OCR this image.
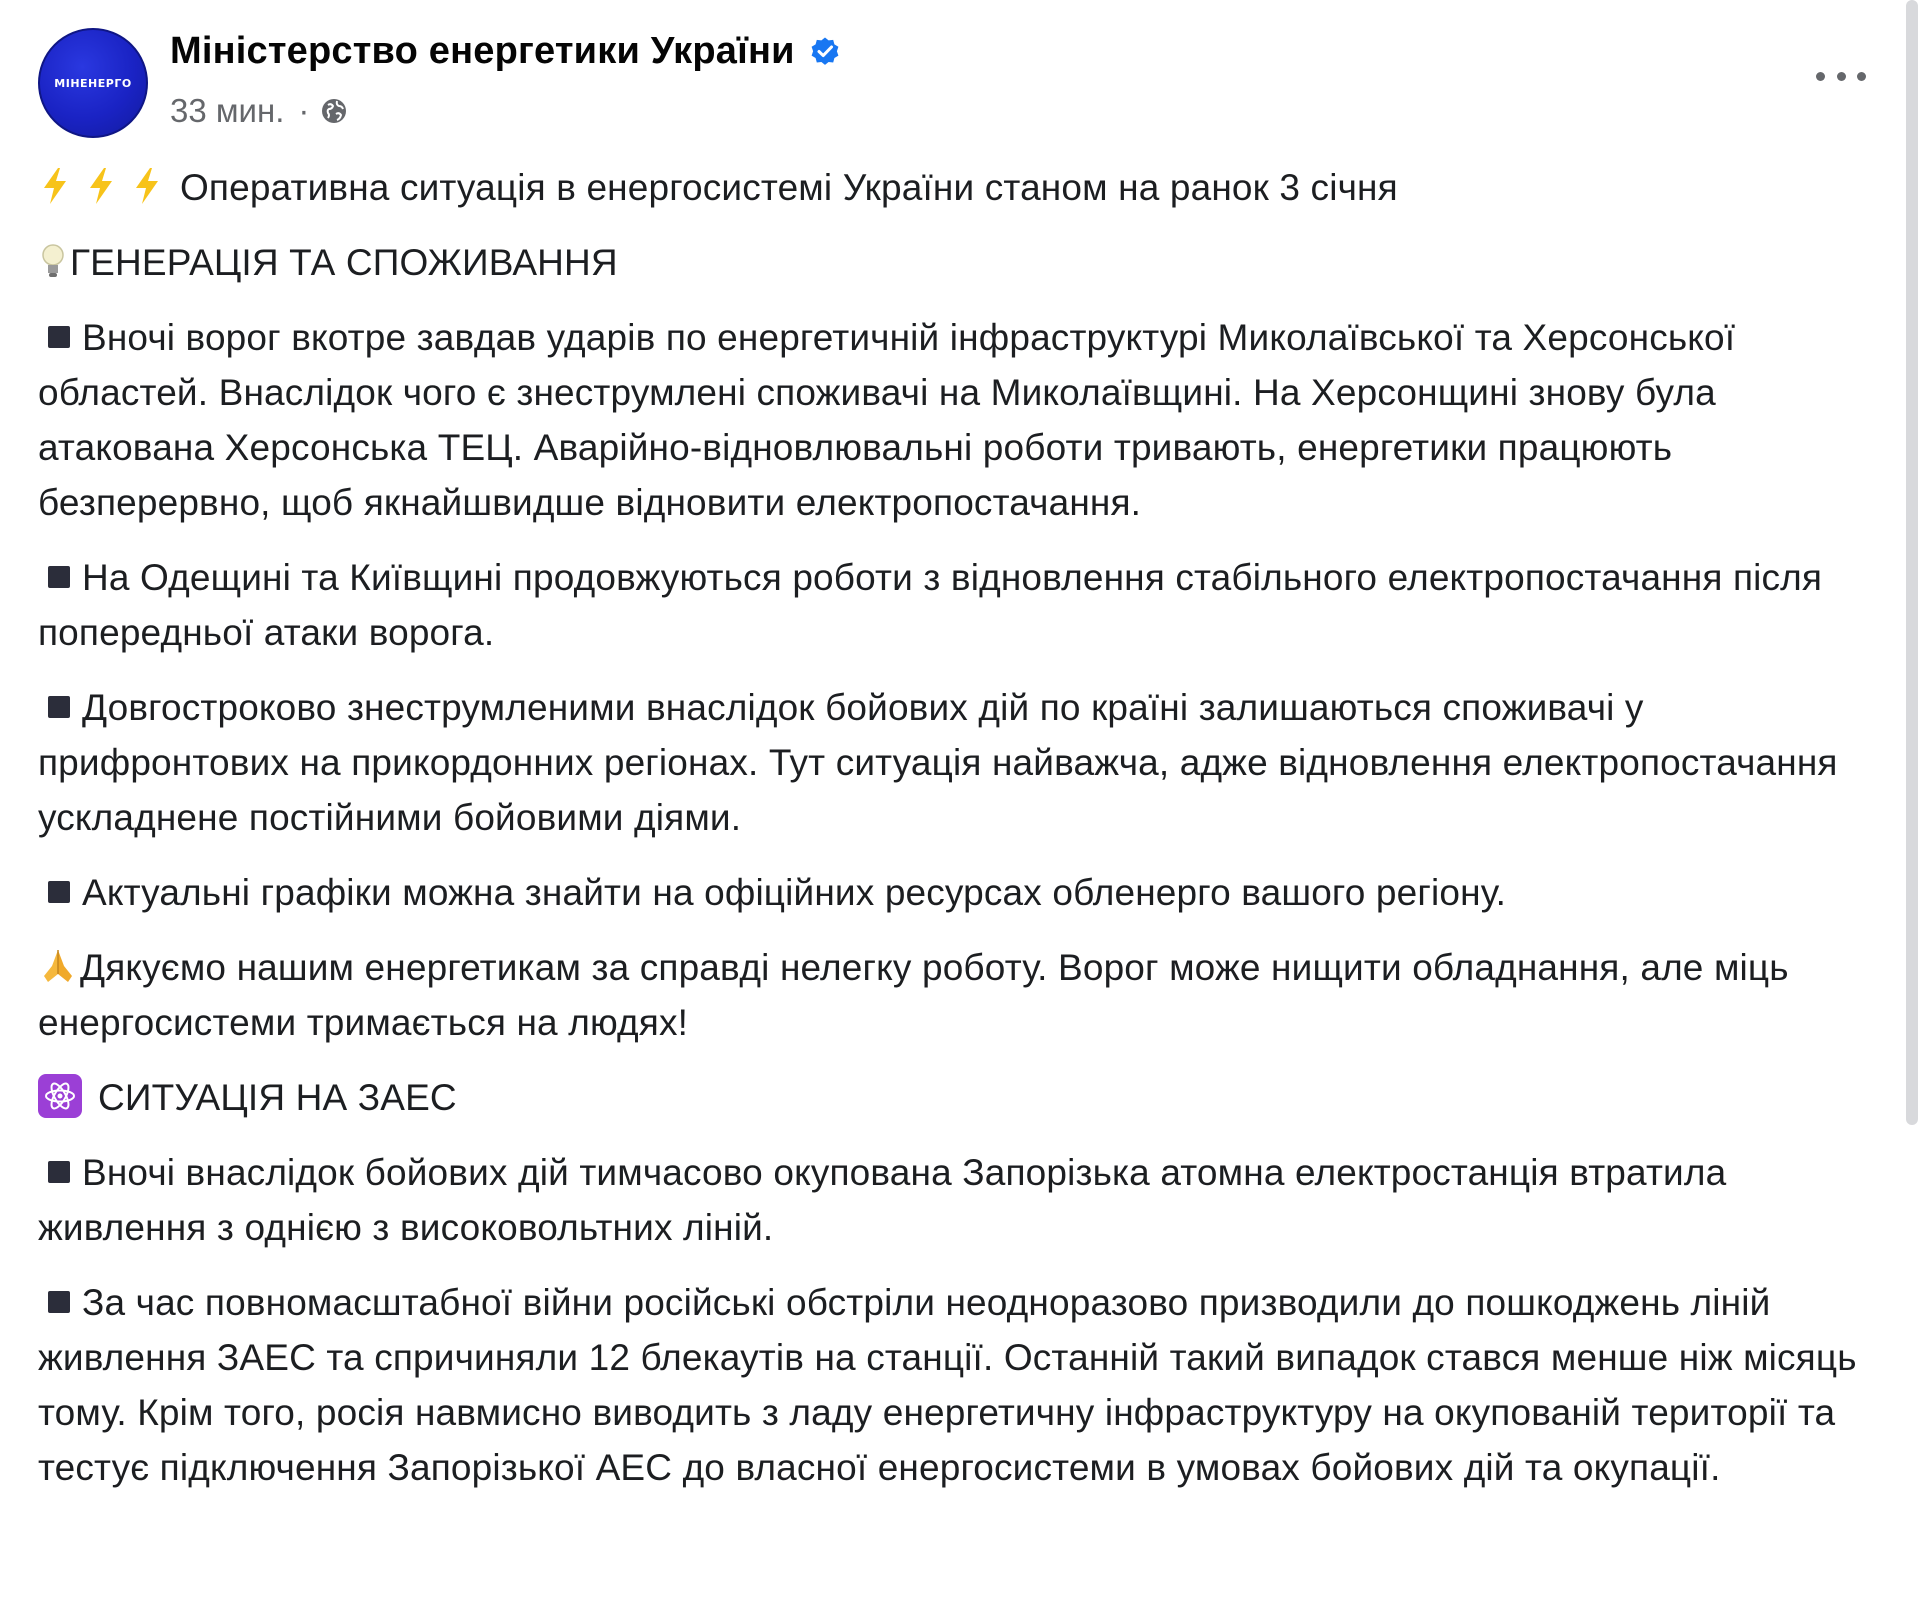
МІНЕНЕРГО
Міністерство енергетики України
33 мин. ·
Оперативна ситуація в енергосистемі України станом на ранок 3 січня
ГЕНЕРАЦІЯ ТА СПОЖИВАННЯ
Вночі ворог вкотре завдав ударів по енергетичній інфраструктурі Миколаївської та Херсонської областей. Внаслідок чого є знеструмлені споживачі на Миколаївщині. На Херсонщині знову була атакована Херсонська ТЕЦ. Аварійно-відновлювальні роботи тривають, енергетики працюють безперервно, щоб якнайшвидше відновити електропостачання.
На Одещині та Київщині продовжуються роботи з відновлення стабільного електропостачання після попередньої атаки ворога.
Довгостроково знеструмленими внаслідок бойових дій по країні залишаються споживачі у прифронтових на прикордонних регіонах. Тут ситуація найважча, адже відновлення електропостачання ускладнене постійними бойовими діями.
Актуальні графіки можна знайти на офіційних ресурсах обленерго вашого регіону.
Дякуємо нашим енергетикам за справді нелегку роботу. Ворог може нищити обладнання, але міць енергосистеми тримається на людях!
СИТУАЦІЯ НА ЗАЕС
Вночі внаслідок бойових дій тимчасово окупована Запорізька атомна електростанція втратила живлення з однією з високовольтних ліній.
За час повномасштабної війни російські обстріли неодноразово призводили до пошкоджень ліній живлення ЗАЕС та спричиняли 12 блекаутів на станції. Останній такий випадок стався менше ніж місяць тому. Крім того, росія навмисно виводить з ладу енергетичну інфраструктуру на окупованій території та тестує підключення Запорізької АЕС до власної енергосистеми в умовах бойових дій та окупації.
